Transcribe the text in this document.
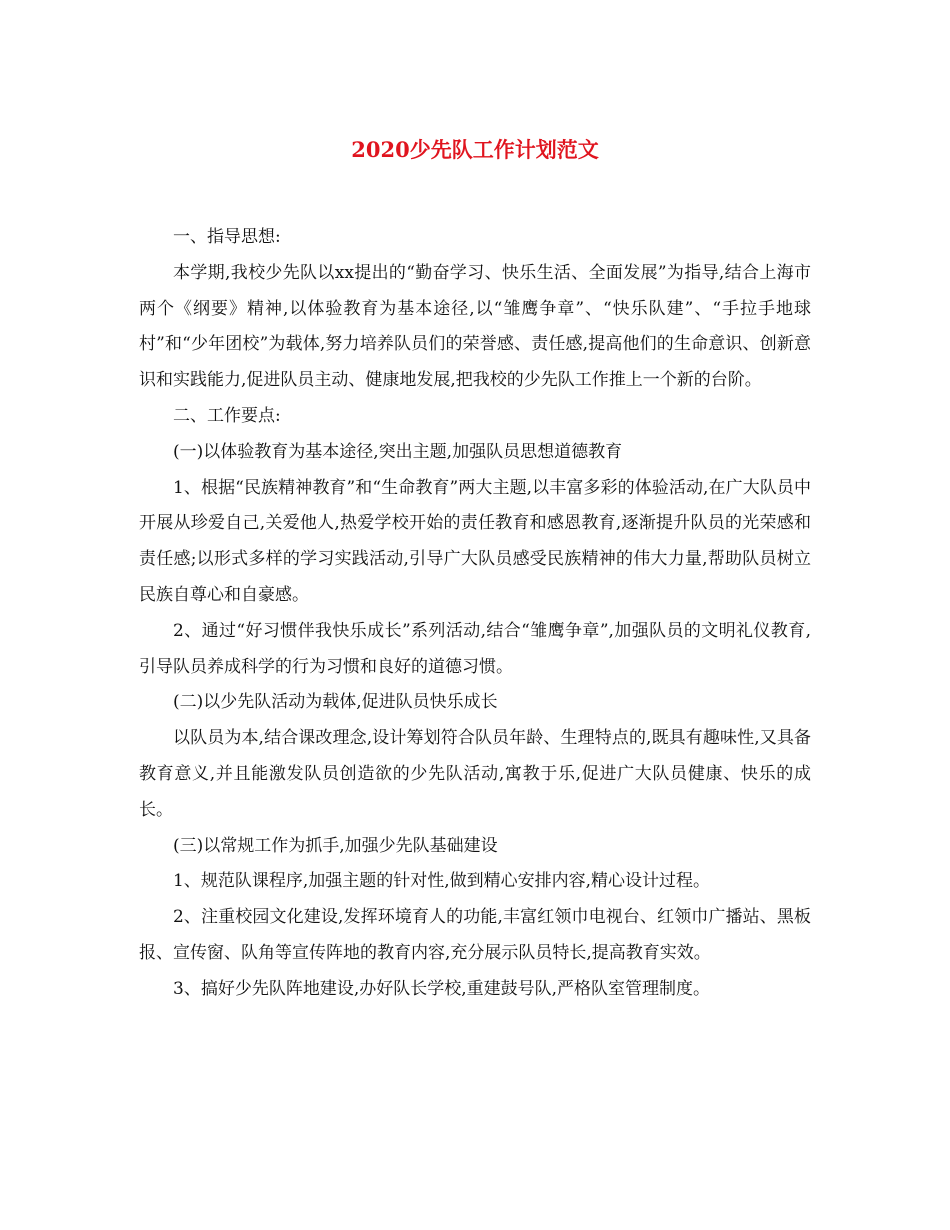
2020少先队工作计划范文

一、指导思想:

本学期,我校少先队以xx提出的“勤奋学习、快乐生活、全面发展”为指导,结合上海市两个《纲要》精神,以体验教育为基本途径,以“雏鹰争章”、“快乐队建”、“手拉手地球村”和“少年团校”为载体,努力培养队员们的荣誉感、责任感,提高他们的生命意识、创新意识和实践能力,促进队员主动、健康地发展,把我校的少先队工作推上一个新的台阶。

二、工作要点:

(一)以体验教育为基本途径,突出主题,加强队员思想道德教育

1、根据“民族精神教育”和“生命教育”两大主题,以丰富多彩的体验活动,在广大队员中开展从珍爱自己,关爱他人,热爱学校开始的责任教育和感恩教育,逐渐提升队员的光荣感和责任感;以形式多样的学习实践活动,引导广大队员感受民族精神的伟大力量,帮助队员树立民族自尊心和自豪感。

2、通过“好习惯伴我快乐成长”系列活动,结合“雏鹰争章”,加强队员的文明礼仪教育,引导队员养成科学的行为习惯和良好的道德习惯。

(二)以少先队活动为载体,促进队员快乐成长

以队员为本,结合课改理念,设计筹划符合队员年龄、生理特点的,既具有趣味性,又具备教育意义,并且能激发队员创造欲的少先队活动,寓教于乐,促进广大队员健康、快乐的成长。

(三)以常规工作为抓手,加强少先队基础建设

1、规范队课程序,加强主题的针对性,做到精心安排内容,精心设计过程。

2、注重校园文化建设,发挥环境育人的功能,丰富红领巾电视台、红领巾广播站、黑板报、宣传窗、队角等宣传阵地的教育内容,充分展示队员特长,提高教育实效。

3、搞好少先队阵地建设,办好队长学校,重建鼓号队,严格队室管理制度。
